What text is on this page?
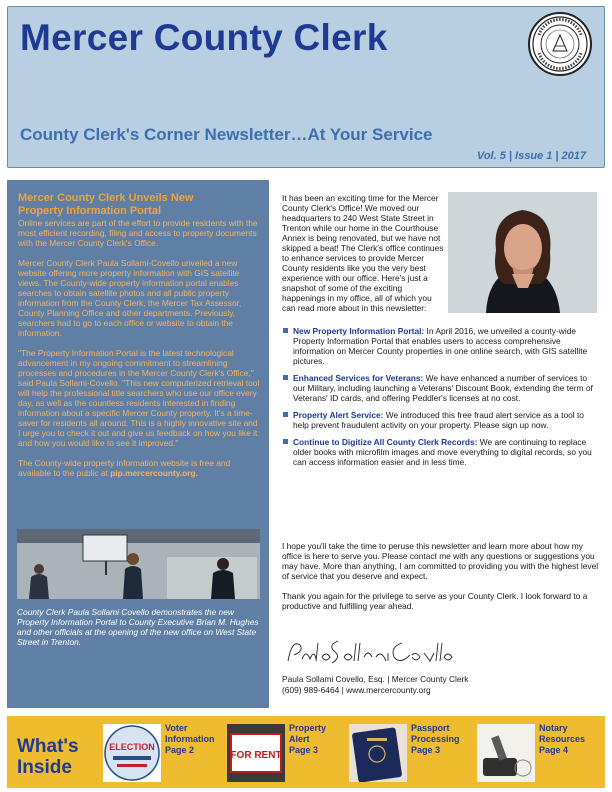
Mercer County Clerk
County Clerk's Corner Newsletter…At Your Service
Vol. 5 | Issue 1 | 2017
Mercer County Clerk Unveils New Property Information Portal

Online services are part of the effort to provide residents with the most efficient recording, filing and access to property documents with the Mercer County Clerk's Office.

Mercer County Clerk Paula Sollami-Covello unveiled a new website offering more property information with GIS satellite views. The County-wide property information portal enables searches to obtain satellite photos and all public property information from the County Clerk, the Mercer Tax Assessor, County Planning Office and other departments. Previously, searchers had to go to each office or website to obtain the information.

"The Property Information Portal is the latest technological advancement in my ongoing commitment to streamlining processes and procedures in the Mercer County Clerk's Office," said Paula Sollami-Covello. "This new computerized retrieval tool will help the professional title searchers who use our office every day, as well as the countless residents interested in finding information about a specific Mercer County property. It's a time-saver for residents all around. This is a highly innovative site and I urge you to check it out and give us feedback on how you like it and how you would like to see it improved."

The County-wide property information website is free and available to the public at pip.mercercounty.org.

County Clerk Paula Sollami Covello demonstrates the new Property Information Portal to County Executive Brian M. Hughes and other officials at the opening of the new office on West State Street in Trenton.
It has been an exciting time for the Mercer County Clerk's Office! We moved our headquarters to 240 West State Street in Trenton while our home in the Courthouse Annex is being renovated, but we have not skipped a beat! The Clerk's office continues to enhance services to provide Mercer County residents like you the very best experience with our office. Here's just a snapshot of some of the exciting happenings in my office, all of which you can read more about in this newsletter:
New Property Information Portal: In April 2016, we unveiled a county-wide Property Information Portal that enables users to access comprehensive information on Mercer County properties in one online search, with GIS satellite pictures.
Enhanced Services for Veterans: We have enhanced a number of services to our Military, including launching a Veterans' Discount Book, extending the term of Veterans' ID cards, and offering Peddler's licenses at no cost.
Property Alert Service: We introduced this free fraud alert service as a tool to help prevent fraudulent activity on your property. Please sign up now.
Continue to Digitize All County Clerk Records: We are continuing to replace older books with microfilm images and move everything to digital records, so you can access information easier and in less time.

I hope you'll take the time to peruse this newsletter and learn more about how my office is here to serve you. Please contact me with any questions or suggestions you may have. More than anything, I am committed to providing you with the highest level of service that you deserve and expect.

Thank you again for the privilege to serve as your County Clerk. I look forward to a productive and fulfilling year ahead.

Paula Sollami Covello, Esq. | Mercer County Clerk
(609) 989-6464 | www.mercercounty.org
What's
Inside
ELECTION
Voter
Information
Page 2	FOR RENT
Property
Alert
Page 3
Passport
Processing
Page 3
Notary
Resources
Page 4
